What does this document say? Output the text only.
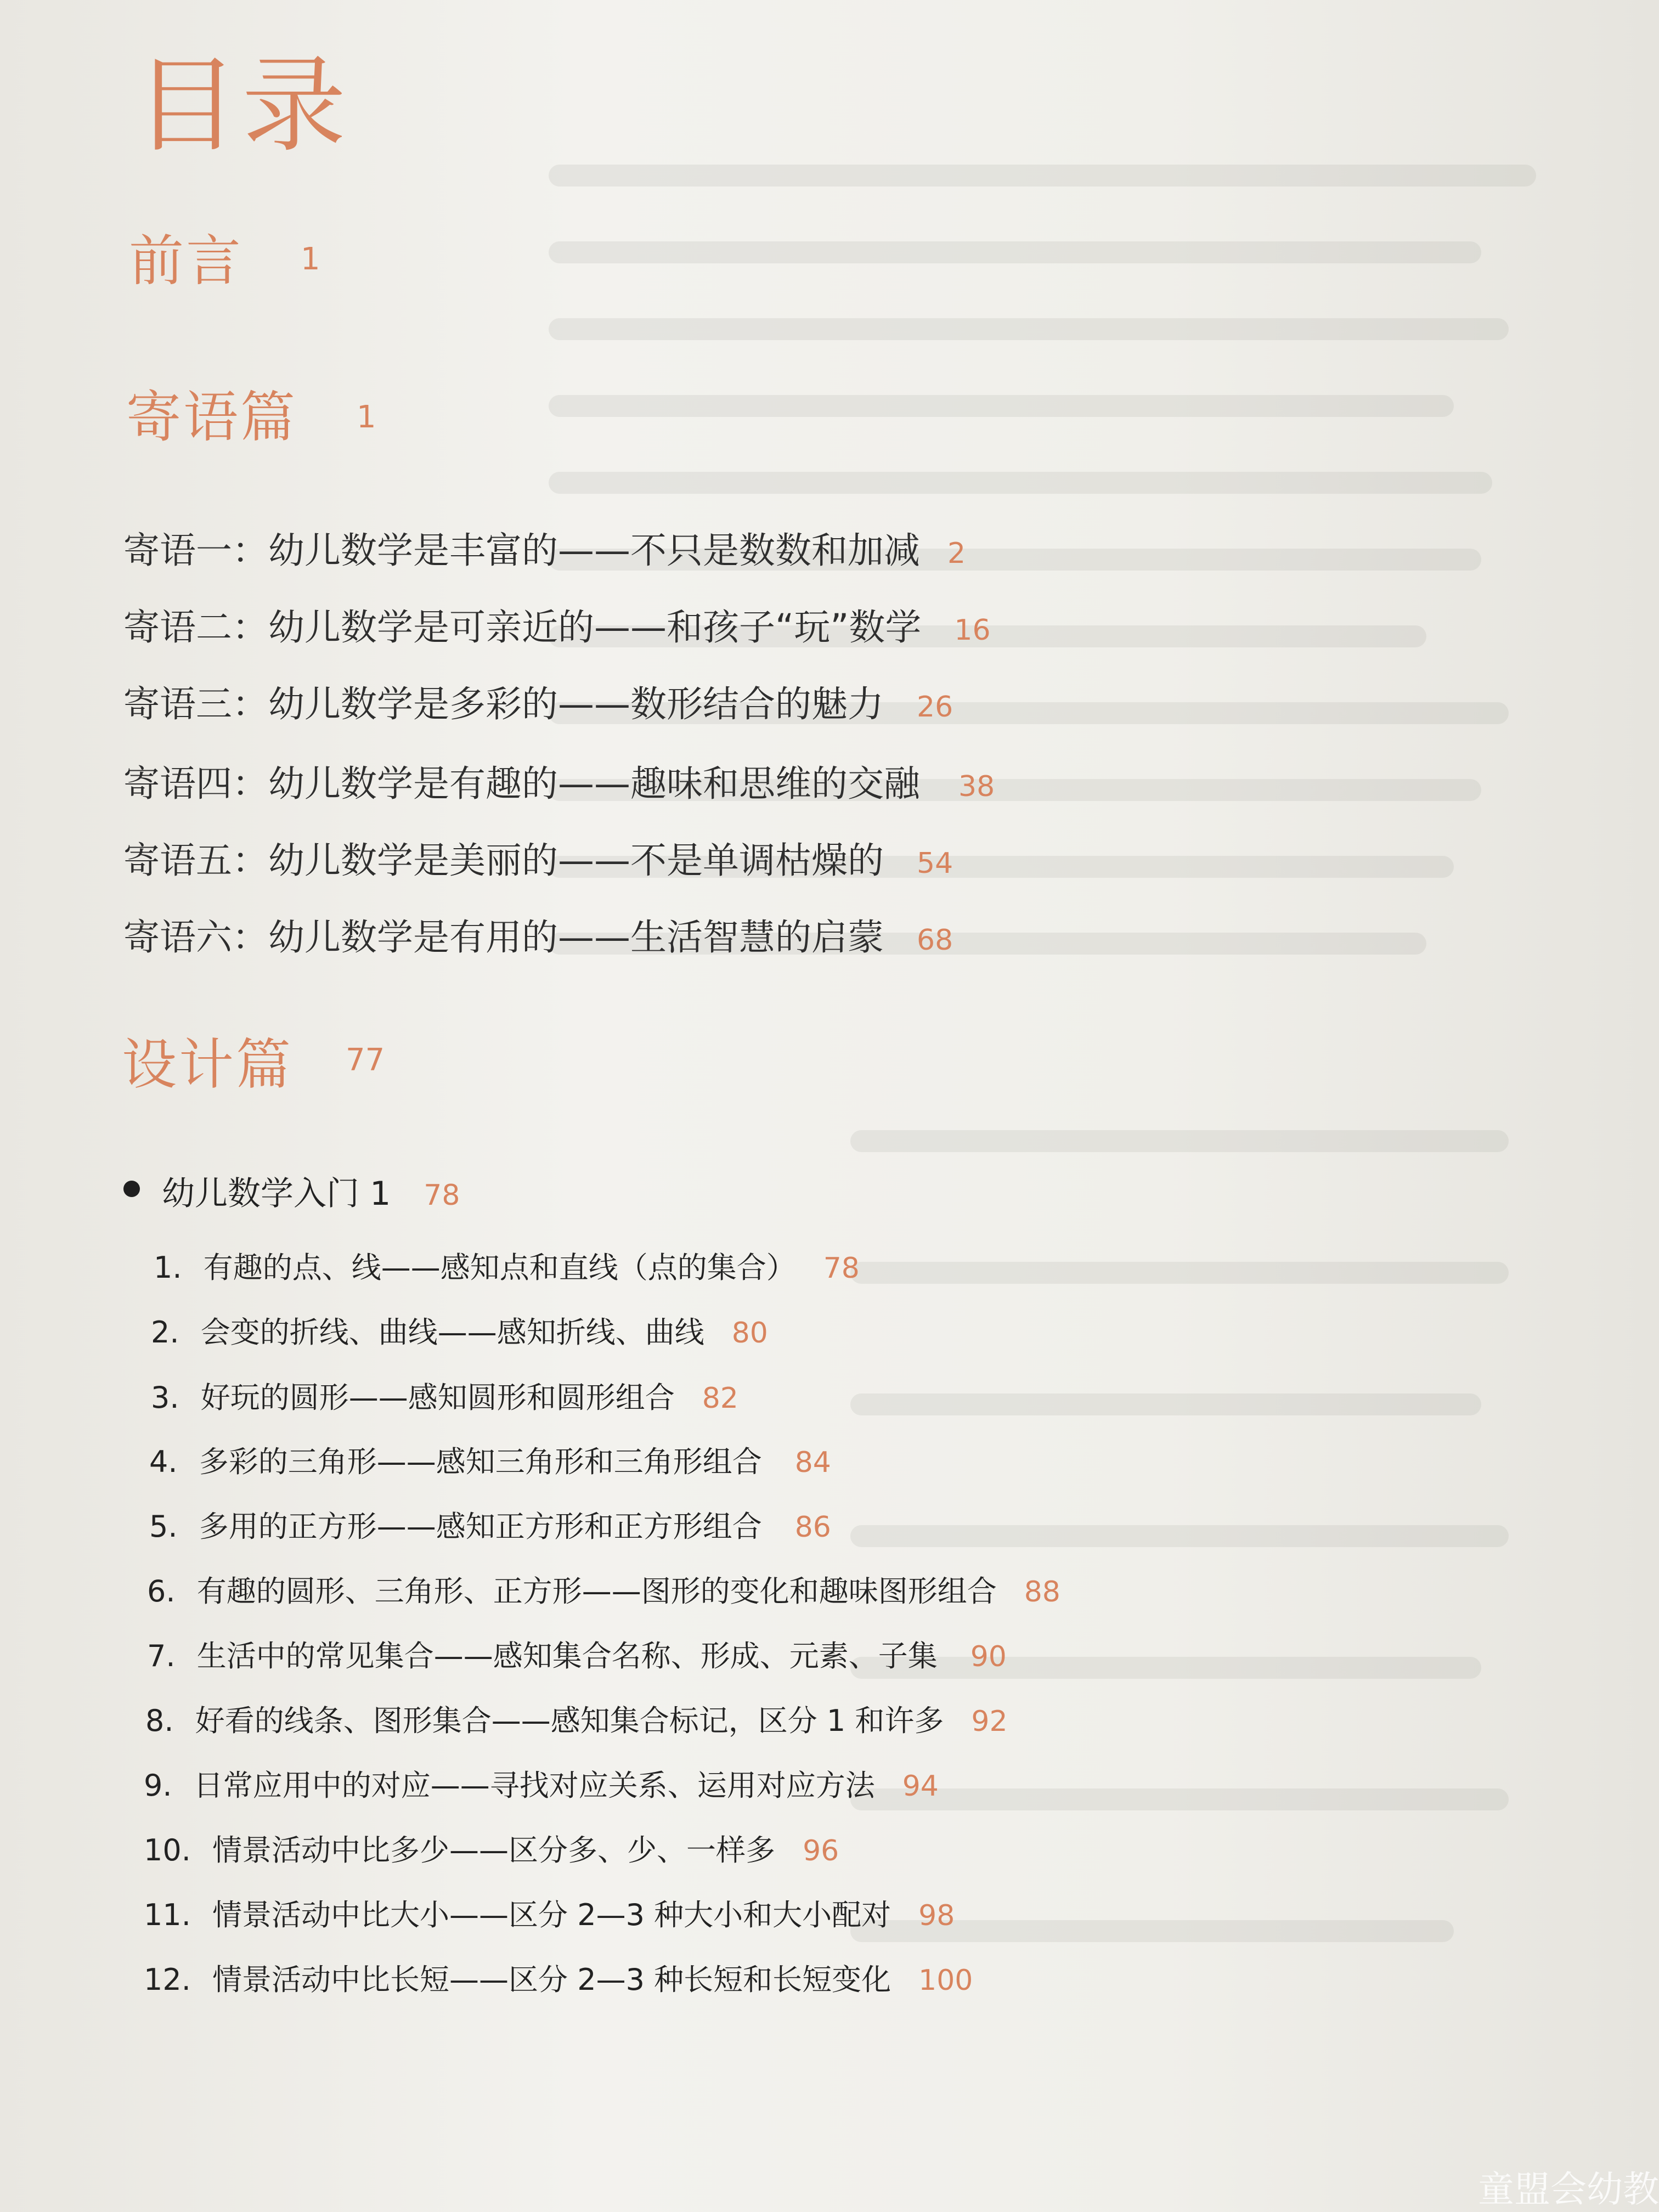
目录
前言 1
寄语篇 1
寄语一：幼儿数学是丰富的——不只是数数和加减 2
寄语二：幼儿数学是可亲近的——和孩子“玩”数学 16
寄语三：幼儿数学是多彩的——数形结合的魅力 26
寄语四：幼儿数学是有趣的——趣味和思维的交融 38
寄语五：幼儿数学是美丽的——不是单调枯燥的 54
寄语六：幼儿数学是有用的——生活智慧的启蒙 68
设计篇 77
幼儿数学入门 1 78
1. 有趣的点、线——感知点和直线（点的集合） 78
2. 会变的折线、曲线——感知折线、曲线 80
3. 好玩的圆形——感知圆形和圆形组合 82
4. 多彩的三角形——感知三角形和三角形组合 84
5. 多用的正方形——感知正方形和正方形组合 86
6. 有趣的圆形、三角形、正方形——图形的变化和趣味图形组合 88
7. 生活中的常见集合——感知集合名称、形成、元素、子集 90
8. 好看的线条、图形集合——感知集合标记，区分 1 和许多 92
9. 日常应用中的对应——寻找对应关系、运用对应方法 94
10. 情景活动中比多少——区分多、少、一样多 96
11. 情景活动中比大小——区分 2—3 种大小和大小配对 98
12. 情景活动中比长短——区分 2—3 种长短和长短变化 100
童盟会幼教
